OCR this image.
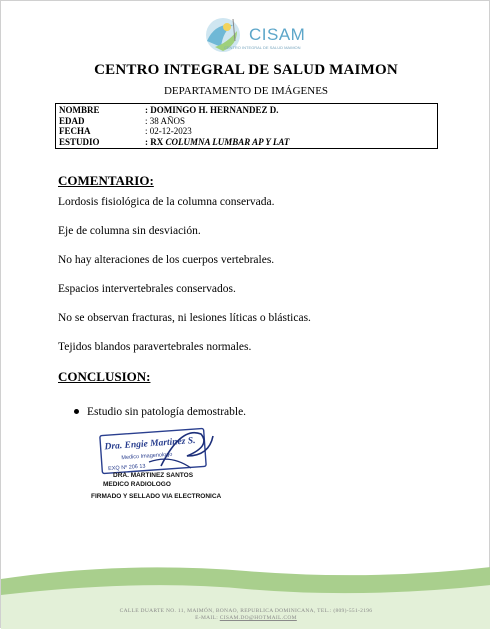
CISAM
CENTRO INTEGRAL DE SALUD MAIMON
CENTRO INTEGRAL DE SALUD MAIMON
DEPARTAMENTO DE IMÁGENES
NOMBRE	: DOMINGO H. HERNANDEZ D.
EDAD	: 38 AÑOS
FECHA	: 02-12-2023
ESTUDIO	: RX COLUMNA LUMBAR AP Y LAT
COMENTARIO:
Lordosis fisiológica de la columna conservada.
Eje de columna sin desviación.
No hay alteraciones de los cuerpos vertebrales.
Espacios intervertebrales conservados.
No se observan fracturas, ni lesiones líticas o blásticas.
Tejidos blandos paravertebrales normales.
CONCLUSION:
Estudio sin patología demostrable.
Dra. Engie Martinez S.
Medico Imagenologo
EXQ Nº 206 13
DRA. MARTINEZ SANTOS
MEDICO RADIOLOGO
FIRMADO Y SELLADO VIA ELECTRONICA
CALLE DUARTE NO. 11, MAIMÓN, BONAO, REPUBLICA DOMINICANA, TEL.: (809)-551-2196
E-MAIL: CISAM.DO@HOTMAIL.COM
